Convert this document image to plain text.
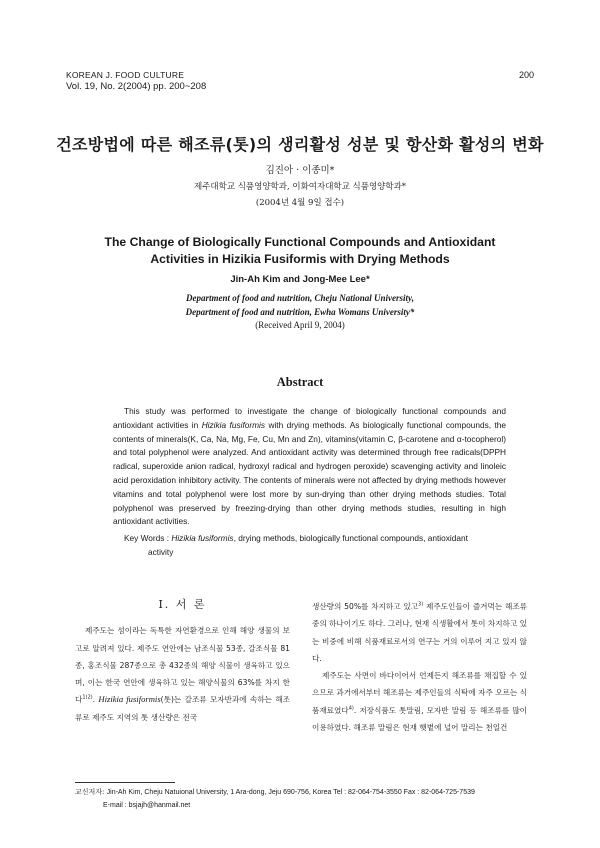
KOREAN J. FOOD CULTURE
Vol. 19, No. 2(2004) pp. 200~208
200
건조방법에 따른 해조류(톳)의 생리활성 성분 및 항산화 활성의 변화
김진아 · 이종미*
제주대학교 식품영양학과, 이화여자대학교 식품영양학과*
(2004년 4월 9일 접수)
The Change of Biologically Functional Compounds and Antioxidant
Activities in Hizikia Fusiformis with Drying Methods
Jin-Ah Kim and Jong-Mee Lee*
Department of food and nutrition, Cheju National University,
Department of food and nutrition, Ewha Womans University*
(Received April 9, 2004)
Abstract
This study was performed to investigate the change of biologically functional compounds and antioxidant activities in Hizikia fusiformis with drying methods. As biologically functional compounds, the contents of minerals(K, Ca, Na, Mg, Fe, Cu, Mn and Zn), vitamins(vitamin C, β-carotene and α-tocopherol) and total polyphenol were analyzed. And antioxidant activity was determined through free radicals(DPPH radical, superoxide anion radical, hydroxyl radical and hydrogen peroxide) scavenging activity and linoleic acid peroxidation inhibitory activity. The contents of minerals were not affected by drying methods however vitamins and total polyphenol were lost more by sun-drying than other drying methods studies. Total polyphenol was preserved by freezing-drying than other drying methods studies, resulting in high antioxidant activities.
Key Words : Hizikia fusiformis, drying methods, biologically functional compounds, antioxidant
activity
I. 서 론
제주도는 섬이라는 독특한 자연환경으로 인해 해양 생물의 보고로 알려져 있다. 제주도 연안에는 남조식물 53종, 갈조식물 81종, 홍조식물 287종으로 총 432종의 해양 식물이 생육하고 있으며, 이는 한국 연안에 생육하고 있는 해양식물의 63%를 차지 한다$^{1)2)}$. Hizikia fusiformis(톳)는 갈조류 모자반과에 속하는 해조류로 제주도 지역의 톳 생산량은 전국
생산량의 50%를 차지하고 있고$^{3)}$ 제주도인들이 즐겨먹는 해조류 중의 하나이기도 하다. 그러나, 현재 식생활에서 톳이 차지하고 있는 비중에 비해 식품재료로서의 연구는 거의 이루어 지고 있지 않다.
제주도는 사면이 바다이어서 언제든지 해조류를 채집할 수 있으므로 과거에서부터 해조류는 제주인들의 식탁에 자주 오르는 식품재료였다$^{4)}$. 저장식품도 톳말림, 모자반 말림 등 해조류를 많이 이용하였다. 해조류 말림은 현재 햇볕에 널어 말리는 천일건
교신저자: Jin-Ah Kim, Cheju Natuional University, 1 Ara-dong, Jeju 690-756, Korea Tel : 82-064-754-3550 Fax : 82-064-725-7539
E-mail : bsjajh@hanmail.net
